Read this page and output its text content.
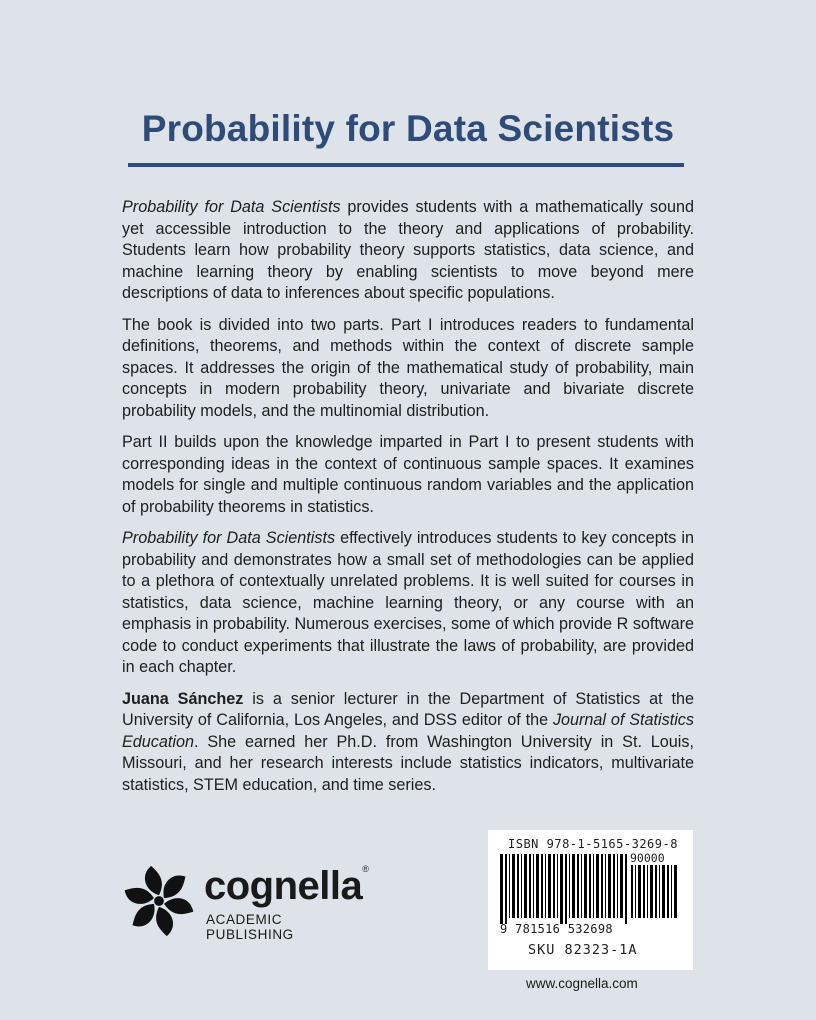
Probability for Data Scientists

Probability for Data Scientists provides students with a mathematically sound yet accessible introduction to the theory and applications of probability. Students learn how probability theory supports statistics, data science, and machine learning theory by enabling scientists to move beyond mere descriptions of data to inferences about specific populations.

The book is divided into two parts. Part I introduces readers to fundamental definitions, theorems, and methods within the context of discrete sample spaces. It addresses the origin of the mathematical study of probability, main concepts in modern probability theory, univariate and bivariate discrete probability models, and the multinomial distribution.

Part II builds upon the knowledge imparted in Part I to present students with corresponding ideas in the context of continuous sample spaces. It examines models for single and multiple continuous random variables and the application of probability theorems in statistics.

Probability for Data Scientists effectively introduces students to key concepts in probability and demonstrates how a small set of methodologies can be applied to a plethora of contextually unrelated problems. It is well suited for courses in statistics, data science, machine learning theory, or any course with an emphasis in probability. Numerous exercises, some of which provide R software code to conduct experiments that illustrate the laws of probability, are provided in each chapter.

Juana Sánchez is a senior lecturer in the Department of Statistics at the University of California, Los Angeles, and DSS editor of the Journal of Statistics Education. She earned her Ph.D. from Washington University in St. Louis, Missouri, and her research interests include statistics indicators, multivariate statistics, STEM education, and time series.

cognella®
ACADEMIC PUBLISHING
ISBN 978-1-5165-3269-8
90000
9 781516 532698
SKU 82323-1A
www.cognella.com
